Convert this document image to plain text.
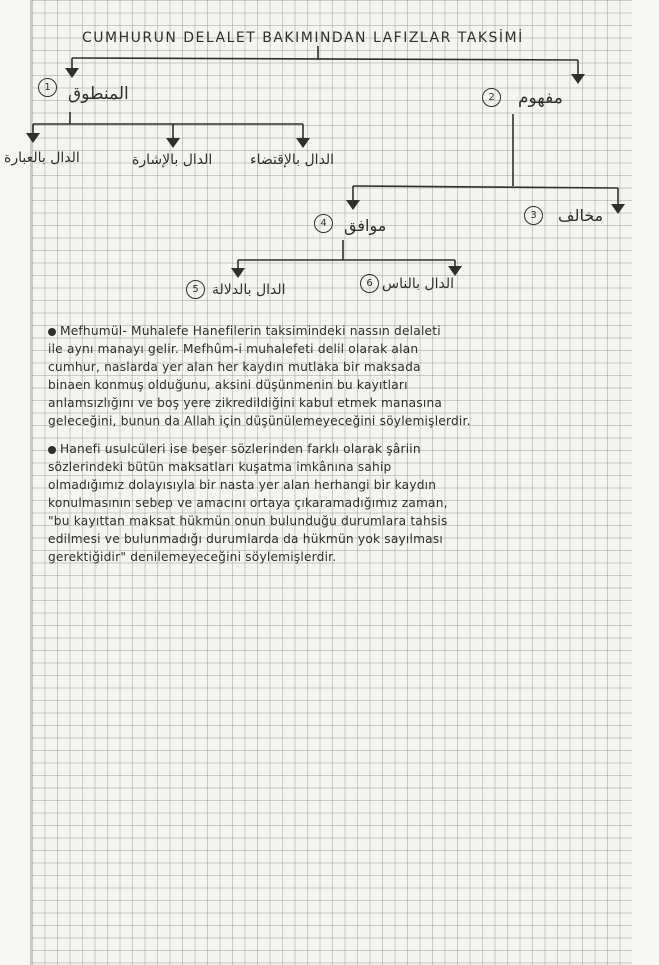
CUMHURUN DELALET BAKIMINDAN LAFIZLAR TAKSİMİ
1	المنطوق	2	مفهوم
الدال بالعبارة	الدال بالإشارة	الدال بالإقتضاء
4	موافق
3	مخالف
6 الدال بالناس
5 الدال بالدلالة
Mefhumül- Muhalefe Hanefilerin taksimindeki nassın delaleti
ile aynı manayı gelir. Mefhûm-i muhalefeti delil olarak alan
cumhur, naslarda yer alan her kaydın mutlaka bir maksada
binaen konmuş olduğunu, aksini düşünmenin bu kayıtları
anlamsızlığını ve boş yere zikredildiğini kabul etmek manasına
geleceğini, bunun da Allah için düşünülemeyeceğini söylemişlerdir.
Hanefi usulcüleri ise beşer sözlerinden farklı olarak şâriin
sözlerindeki bütün maksatları kuşatma imkânına sahip
olmadığımız dolayısıyla bir nasta yer alan herhangi bir kaydın
konulmasının sebep ve amacını ortaya çıkaramadığımız zaman,
"bu kayıttan maksat hükmün onun bulunduğu durumlara tahsis
edilmesi ve bulunmadığı durumlarda da hükmün yok sayılması
gerektiğidir" denilemeyeceğini söylemişlerdir.
